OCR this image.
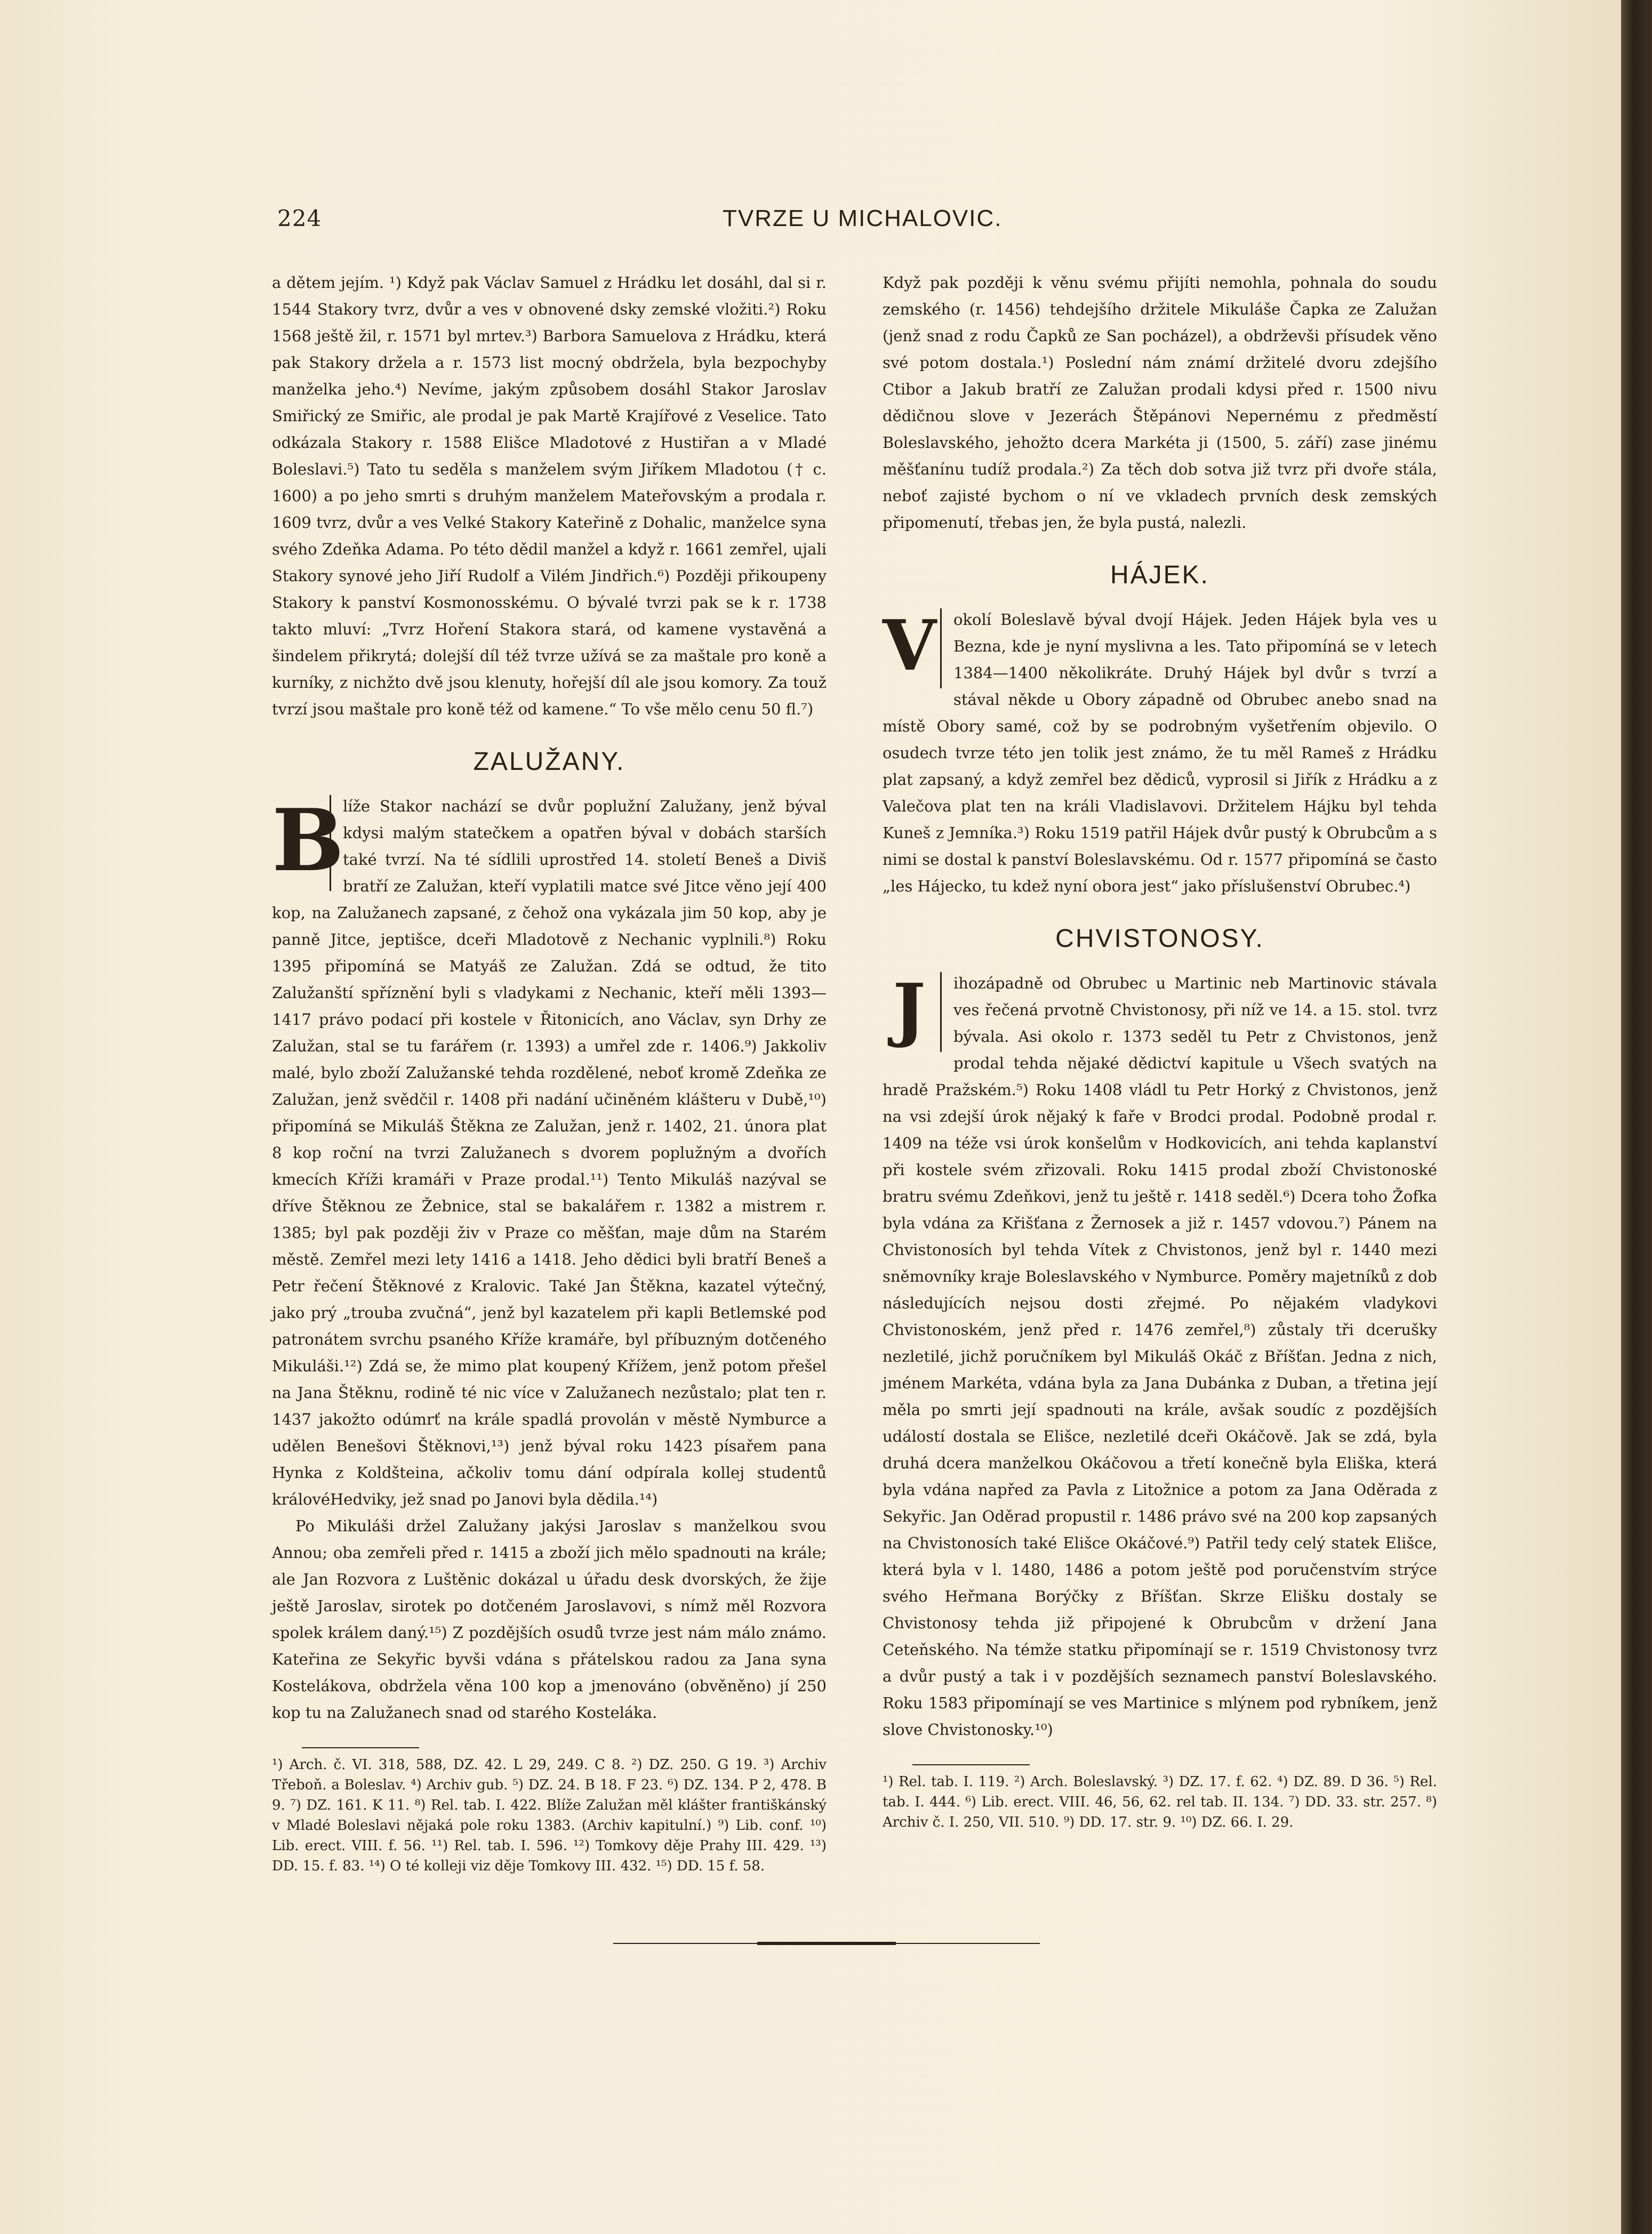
224	TVRZE U MICHALOVIC.

a dětem jejím. ¹) Když pak Václav Samuel z Hrádku let dosáhl, dal si r. 1544 Stakory tvrz, dvůr a ves v obnovené dsky zemské vložiti.²) Roku 1568 ještě žil, r. 1571 byl mrtev.³) Barbora Samuelova z Hrádku, která pak Stakory držela a r. 1573 list mocný obdržela, byla bezpochyby manželka jeho.⁴) Nevíme, jakým způsobem dosáhl Stakor Jaroslav Smiřický ze Smiřic, ale prodal je pak Martě Krajířové z Veselice. Tato odkázala Stakory r. 1588 Elišce Mladotové z Hustiřan a v Mladé Boleslavi.⁵) Tato tu seděla s manželem svým Jiříkem Mladotou († c. 1600) a po jeho smrti s druhým manželem Mateřovským a prodala r. 1609 tvrz, dvůr a ves Velké Stakory Kateřině z Dohalic, manželce syna svého Zdeňka Adama. Po této dědil manžel a když r. 1661 zemřel, ujali Stakory synové jeho Jiří Rudolf a Vilém Jindřich.⁶) Později přikoupeny Stakory k panství Kosmonosskému. O bývalé tvrzi pak se k r. 1738 takto mluví: „Tvrz Hoření Stakora stará, od kamene vystavěná a šindelem přikrytá; dolejší díl též tvrze užívá se za maštale pro koně a kurníky, z nichžto dvě jsou klenuty, hořejší díl ale jsou komory. Za touž tvrzí jsou maštale pro koně též od kamene.“ To vše mělo cenu 50 fl.⁷)

ZALUŽANY.

B
líže Stakor nachází se dvůr poplužní Zalužany, jenž býval kdysi malým statečkem a opatřen býval v dobách starších také tvrzí. Na té sídlili uprostřed 14. století Beneš a Diviš bratří ze Zalužan, kteří vyplatili matce své Jitce věno její 400 kop, na Zalužanech zapsané, z čehož ona vykázala jim 50 kop, aby je panně Jitce, jeptišce, dceři Mladotově z Nechanic vyplnili.⁸) Roku 1395 připomíná se Matyáš ze Zalužan. Zdá se odtud, že tito Zalužanští spříznění byli s vladykami z Nechanic, kteří měli 1393—1417 právo podací při kostele v Řitonicích, ano Václav, syn Drhy ze Zalužan, stal se tu farářem (r. 1393) a umřel zde r. 1406.⁹) Jakkoliv malé, bylo zboží Zalužanské tehda rozdělené, neboť kromě Zdeňka ze Zalužan, jenž svědčil r. 1408 při nadání učiněném klášteru v Dubě,¹⁰) připomíná se Mikuláš Štěkna ze Zalužan, jenž r. 1402, 21. února plat 8 kop roční na tvrzi Zalužanech s dvorem poplužným a dvořích kmecích Kříži kramáři v Praze prodal.¹¹) Tento Mikuláš nazýval se dříve Štěknou ze Žebnice, stal se bakalářem r. 1382 a mistrem r. 1385; byl pak později živ v Praze co měšťan, maje dům na Starém městě. Zemřel mezi lety 1416 a 1418. Jeho dědici byli bratří Beneš a Petr řečení Štěknové z Kralovic. Také Jan Štěkna, kazatel výtečný, jako prý „trouba zvučná“, jenž byl kazatelem při kapli Betlemské pod patronátem svrchu psaného Kříže kramáře, byl příbuzným dotčeného Mikuláši.¹²) Zdá se, že mimo plat koupený Křížem, jenž potom přešel na Jana Štěknu, rodině té nic více v Zalužanech nezůstalo; plat ten r. 1437 jakožto odúmrť na krále spadlá provolán v městě Nymburce a udělen Benešovi Štěknovi,¹³) jenž býval roku 1423 písařem pana Hynka z Koldšteina, ačkoliv tomu dání odpírala kollej studentů královéHedviky, jež snad po Janovi byla dědila.¹⁴)

Po Mikuláši držel Zalužany jakýsi Jaroslav s manželkou svou Annou; oba zemřeli před r. 1415 a zboží jich mělo spadnouti na krále; ale Jan Rozvora z Luštěnic dokázal u úřadu desk dvorských, že žije ještě Jaroslav, sirotek po dotčeném Jaroslavovi, s nímž měl Rozvora spolek králem daný.¹⁵) Z pozdějších osudů tvrze jest nám málo známo. Kateřina ze Sekyřic byvši vdána s přátelskou radou za Jana syna Kostelákova, obdržela věna 100 kop a jmenováno (obvěněno) jí 250 kop tu na Zalužanech snad od starého Kosteláka.

¹) Arch. č. VI. 318, 588, DZ. 42. L 29, 249. C 8. ²) DZ. 250. G 19. ³) Archiv Třeboň. a Boleslav. ⁴) Archiv gub. ⁵) DZ. 24. B 18. F 23. ⁶) DZ. 134. P 2, 478. B 9. ⁷) DZ. 161. K 11. ⁸) Rel. tab. I. 422. Blíže Zalužan měl klášter františkánský v Mladé Boleslavi nějaká pole roku 1383. (Archiv kapitulní.) ⁹) Lib. conf. ¹⁰) Lib. erect. VIII. f. 56. ¹¹) Rel. tab. I. 596. ¹²) Tomkovy děje Prahy III. 429. ¹³) DD. 15. f. 83. ¹⁴) O té kolleji viz děje Tomkovy III. 432. ¹⁵) DD. 15 f. 58.

Když pak později k věnu svému přijíti nemohla, pohnala do soudu zemského (r. 1456) tehdejšího držitele Mikuláše Čapka ze Zalužan (jenž snad z rodu Čapků ze San pocházel), a obdrževši přísudek věno své potom dostala.¹) Poslední nám známí držitelé dvoru zdejšího Ctibor a Jakub bratří ze Zalužan prodali kdysi před r. 1500 nivu dědičnou slove v Jezerách Štěpánovi Nepernému z předměstí Boleslavského, jehožto dcera Markéta ji (1500, 5. září) zase jinému měšťanínu tudíž prodala.²) Za těch dob sotva již tvrz při dvoře stála, neboť zajisté bychom o ní ve vkladech prvních desk zemských připomenutí, třebas jen, že byla pustá, nalezli.

HÁJEK.

V	okolí Boleslavě býval dvojí Hájek. Jeden Hájek byla ves u Bezna, kde je nyní myslivna a les. Tato připomíná se v letech 1384—1400 několikráte. Druhý Hájek byl dvůr s tvrzí a stával někde u Obory západně od Obrubec anebo snad na místě Obory samé, což by se podrobným vyšetřením objevilo. O osudech tvrze této jen tolik jest známo, že tu měl Rameš z Hrádku plat zapsaný, a když zemřel bez dědiců, vyprosil si Jiřík z Hrádku a z Valečova plat ten na králi Vladislavovi. Držitelem Hájku byl tehda Kuneš z Jemníka.³) Roku 1519 patřil Hájek dvůr pustý k Obrubcům a s nimi se dostal k panství Boleslavskému. Od r. 1577 připomíná se často „les Hájecko, tu kdež nyní obora jest“ jako příslušenství Obrubec.⁴)

CHVISTONOSY.

J	ihozápadně od Obrubec u Martinic neb Martinovic stávala ves řečená prvotně Chvistonosy, při níž ve 14. a 15. stol. tvrz bývala. Asi okolo r. 1373 seděl tu Petr z Chvistonos, jenž prodal tehda nějaké dědictví kapitule u Všech svatých na hradě Pražském.⁵) Roku 1408 vládl tu Petr Horký z Chvistonos, jenž na vsi zdejší úrok nějaký k faře v Brodci prodal. Podobně prodal r. 1409 na téže vsi úrok konšelům v Hodkovicích, ani tehda kaplanství při kostele svém zřizovali. Roku 1415 prodal zboží Chvistonoské bratru svému Zdeňkovi, jenž tu ještě r. 1418 seděl.⁶) Dcera toho Žofka byla vdána za Křišťana z Žernosek a již r. 1457 vdovou.⁷) Pánem na Chvistonosích byl tehda Vítek z Chvistonos, jenž byl r. 1440 mezi sněmovníky kraje Boleslavského v Nymburce. Poměry majetníků z dob následujících nejsou dosti zřejmé. Po nějakém vladykovi Chvistonoském, jenž před r. 1476 zemřel,⁸) zůstaly tři dcerušky nezletilé, jichž poručníkem byl Mikuláš Okáč z Bříšťan. Jedna z nich, jménem Markéta, vdána byla za Jana Dubánka z Duban, a třetina její měla po smrti její spadnouti na krále, avšak soudíc z pozdějších událostí dostala se Elišce, nezletilé dceři Okáčově. Jak se zdá, byla druhá dcera manželkou Okáčovou a třetí konečně byla Eliška, která byla vdána napřed za Pavla z Litožnice a potom za Jana Oděrada z Sekyřic. Jan Oděrad propustil r. 1486 právo své na 200 kop zapsaných na Chvistonosích také Elišce Okáčové.⁹) Patřil tedy celý statek Elišce, která byla v l. 1480, 1486 a potom ještě pod poručenstvím strýce svého Heřmana Borýčky z Bříšťan. Skrze Elišku dostaly se Chvistonosy tehda již připojené k Obrubcům v držení Jana Ceteňského. Na témže statku připomínají se r. 1519 Chvistonosy tvrz a dvůr pustý a tak i v pozdějších seznamech panství Boleslavského. Roku 1583 připomínají se ves Martinice s mlýnem pod rybníkem, jenž slove Chvistonosky.¹⁰)

¹) Rel. tab. I. 119. ²) Arch. Boleslavský. ³) DZ. 17. f. 62. ⁴) DZ. 89. D 36. ⁵) Rel. tab. I. 444. ⁶) Lib. erect. VIII. 46, 56, 62. rel tab. II. 134. ⁷) DD. 33. str. 257. ⁸) Archiv č. I. 250, VII. 510. ⁹) DD. 17. str. 9. ¹⁰) DZ. 66. I. 29.
